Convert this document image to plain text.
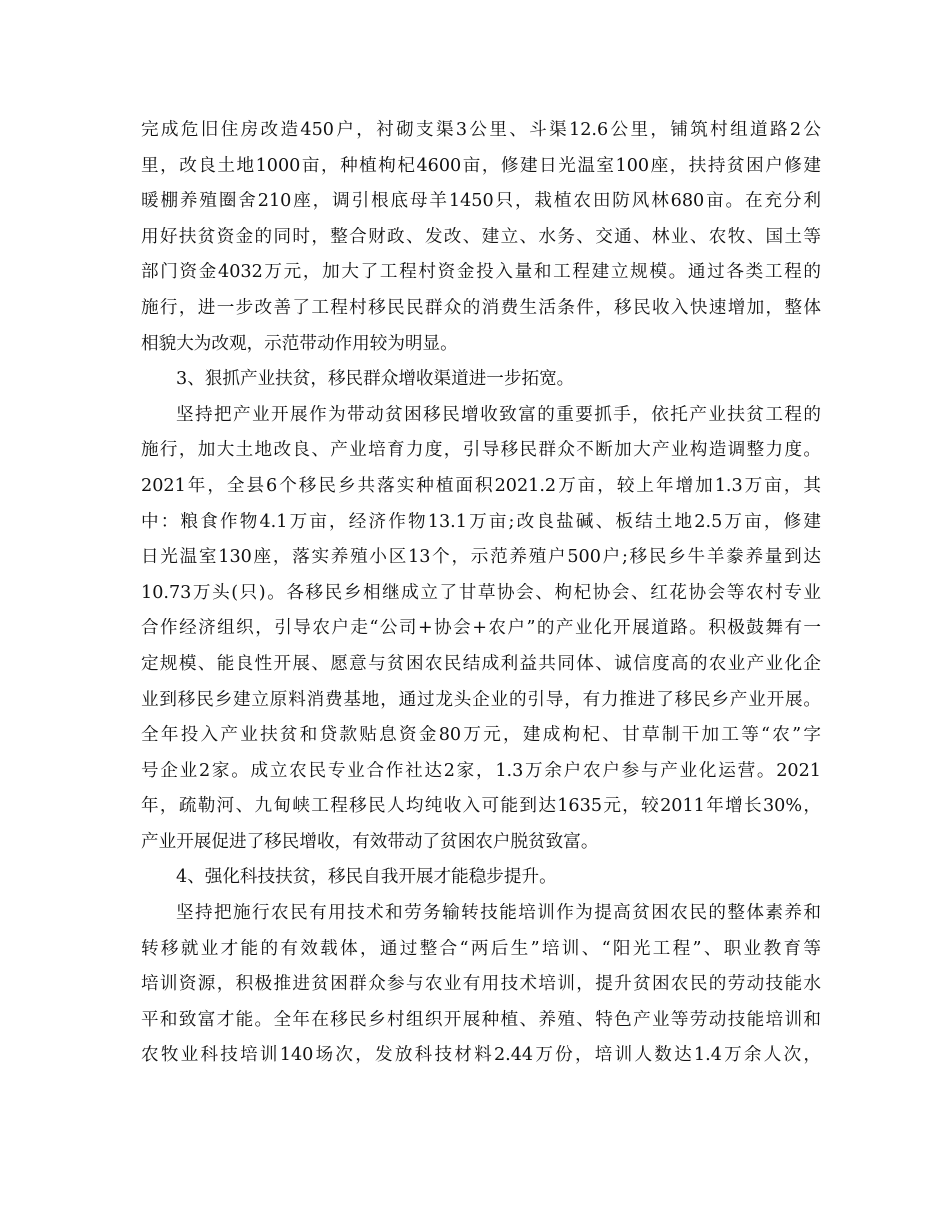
完成危旧住房改造450户，衬砌支渠3公里、斗渠12.6公里，铺筑村组道路2公
里，改良土地1000亩，种植枸杞4600亩，修建日光温室100座，扶持贫困户修建
暖棚养殖圈舍210座，调引根底母羊1450只，栽植农田防风林680亩。在充分利
用好扶贫资金的同时，整合财政、发改、建立、水务、交通、林业、农牧、国土等
部门资金4032万元，加大了工程村资金投入量和工程建立规模。通过各类工程的
施行，进一步改善了工程村移民民群众的消费生活条件，移民收入快速增加，整体
相貌大为改观，示范带动作用较为明显。
3、狠抓产业扶贫，移民群众增收渠道进一步拓宽。
坚持把产业开展作为带动贫困移民增收致富的重要抓手，依托产业扶贫工程的
施行，加大土地改良、产业培育力度，引导移民群众不断加大产业构造调整力度。
2021年，全县6个移民乡共落实种植面积2021.2万亩，较上年增加1.3万亩，其
中：粮食作物4.1万亩，经济作物13.1万亩;改良盐碱、板结土地2.5万亩，修建
日光温室130座，落实养殖小区13个，示范养殖户500户;移民乡牛羊豢养量到达
10.73万头(只)。各移民乡相继成立了甘草协会、枸杞协会、红花协会等农村专业
合作经济组织，引导农户走“公司+协会+农户”的产业化开展道路。积极鼓舞有一
定规模、能良性开展、愿意与贫困农民结成利益共同体、诚信度高的农业产业化企
业到移民乡建立原料消费基地，通过龙头企业的引导，有力推进了移民乡产业开展。
全年投入产业扶贫和贷款贴息资金80万元，建成枸杞、甘草制干加工等“农”字
号企业2家。成立农民专业合作社达2家，1.3万余户农户参与产业化运营。2021
年，疏勒河、九甸峡工程移民人均纯收入可能到达1635元，较2011年增长30%，
产业开展促进了移民增收，有效带动了贫困农户脱贫致富。
4、强化科技扶贫，移民自我开展才能稳步提升。
坚持把施行农民有用技术和劳务输转技能培训作为提高贫困农民的整体素养和
转移就业才能的有效载体，通过整合“两后生”培训、“阳光工程”、职业教育等
培训资源，积极推进贫困群众参与农业有用技术培训，提升贫困农民的劳动技能水
平和致富才能。全年在移民乡村组织开展种植、养殖、特色产业等劳动技能培训和
农牧业科技培训140场次，发放科技材料2.44万份，培训人数达1.4万余人次，
